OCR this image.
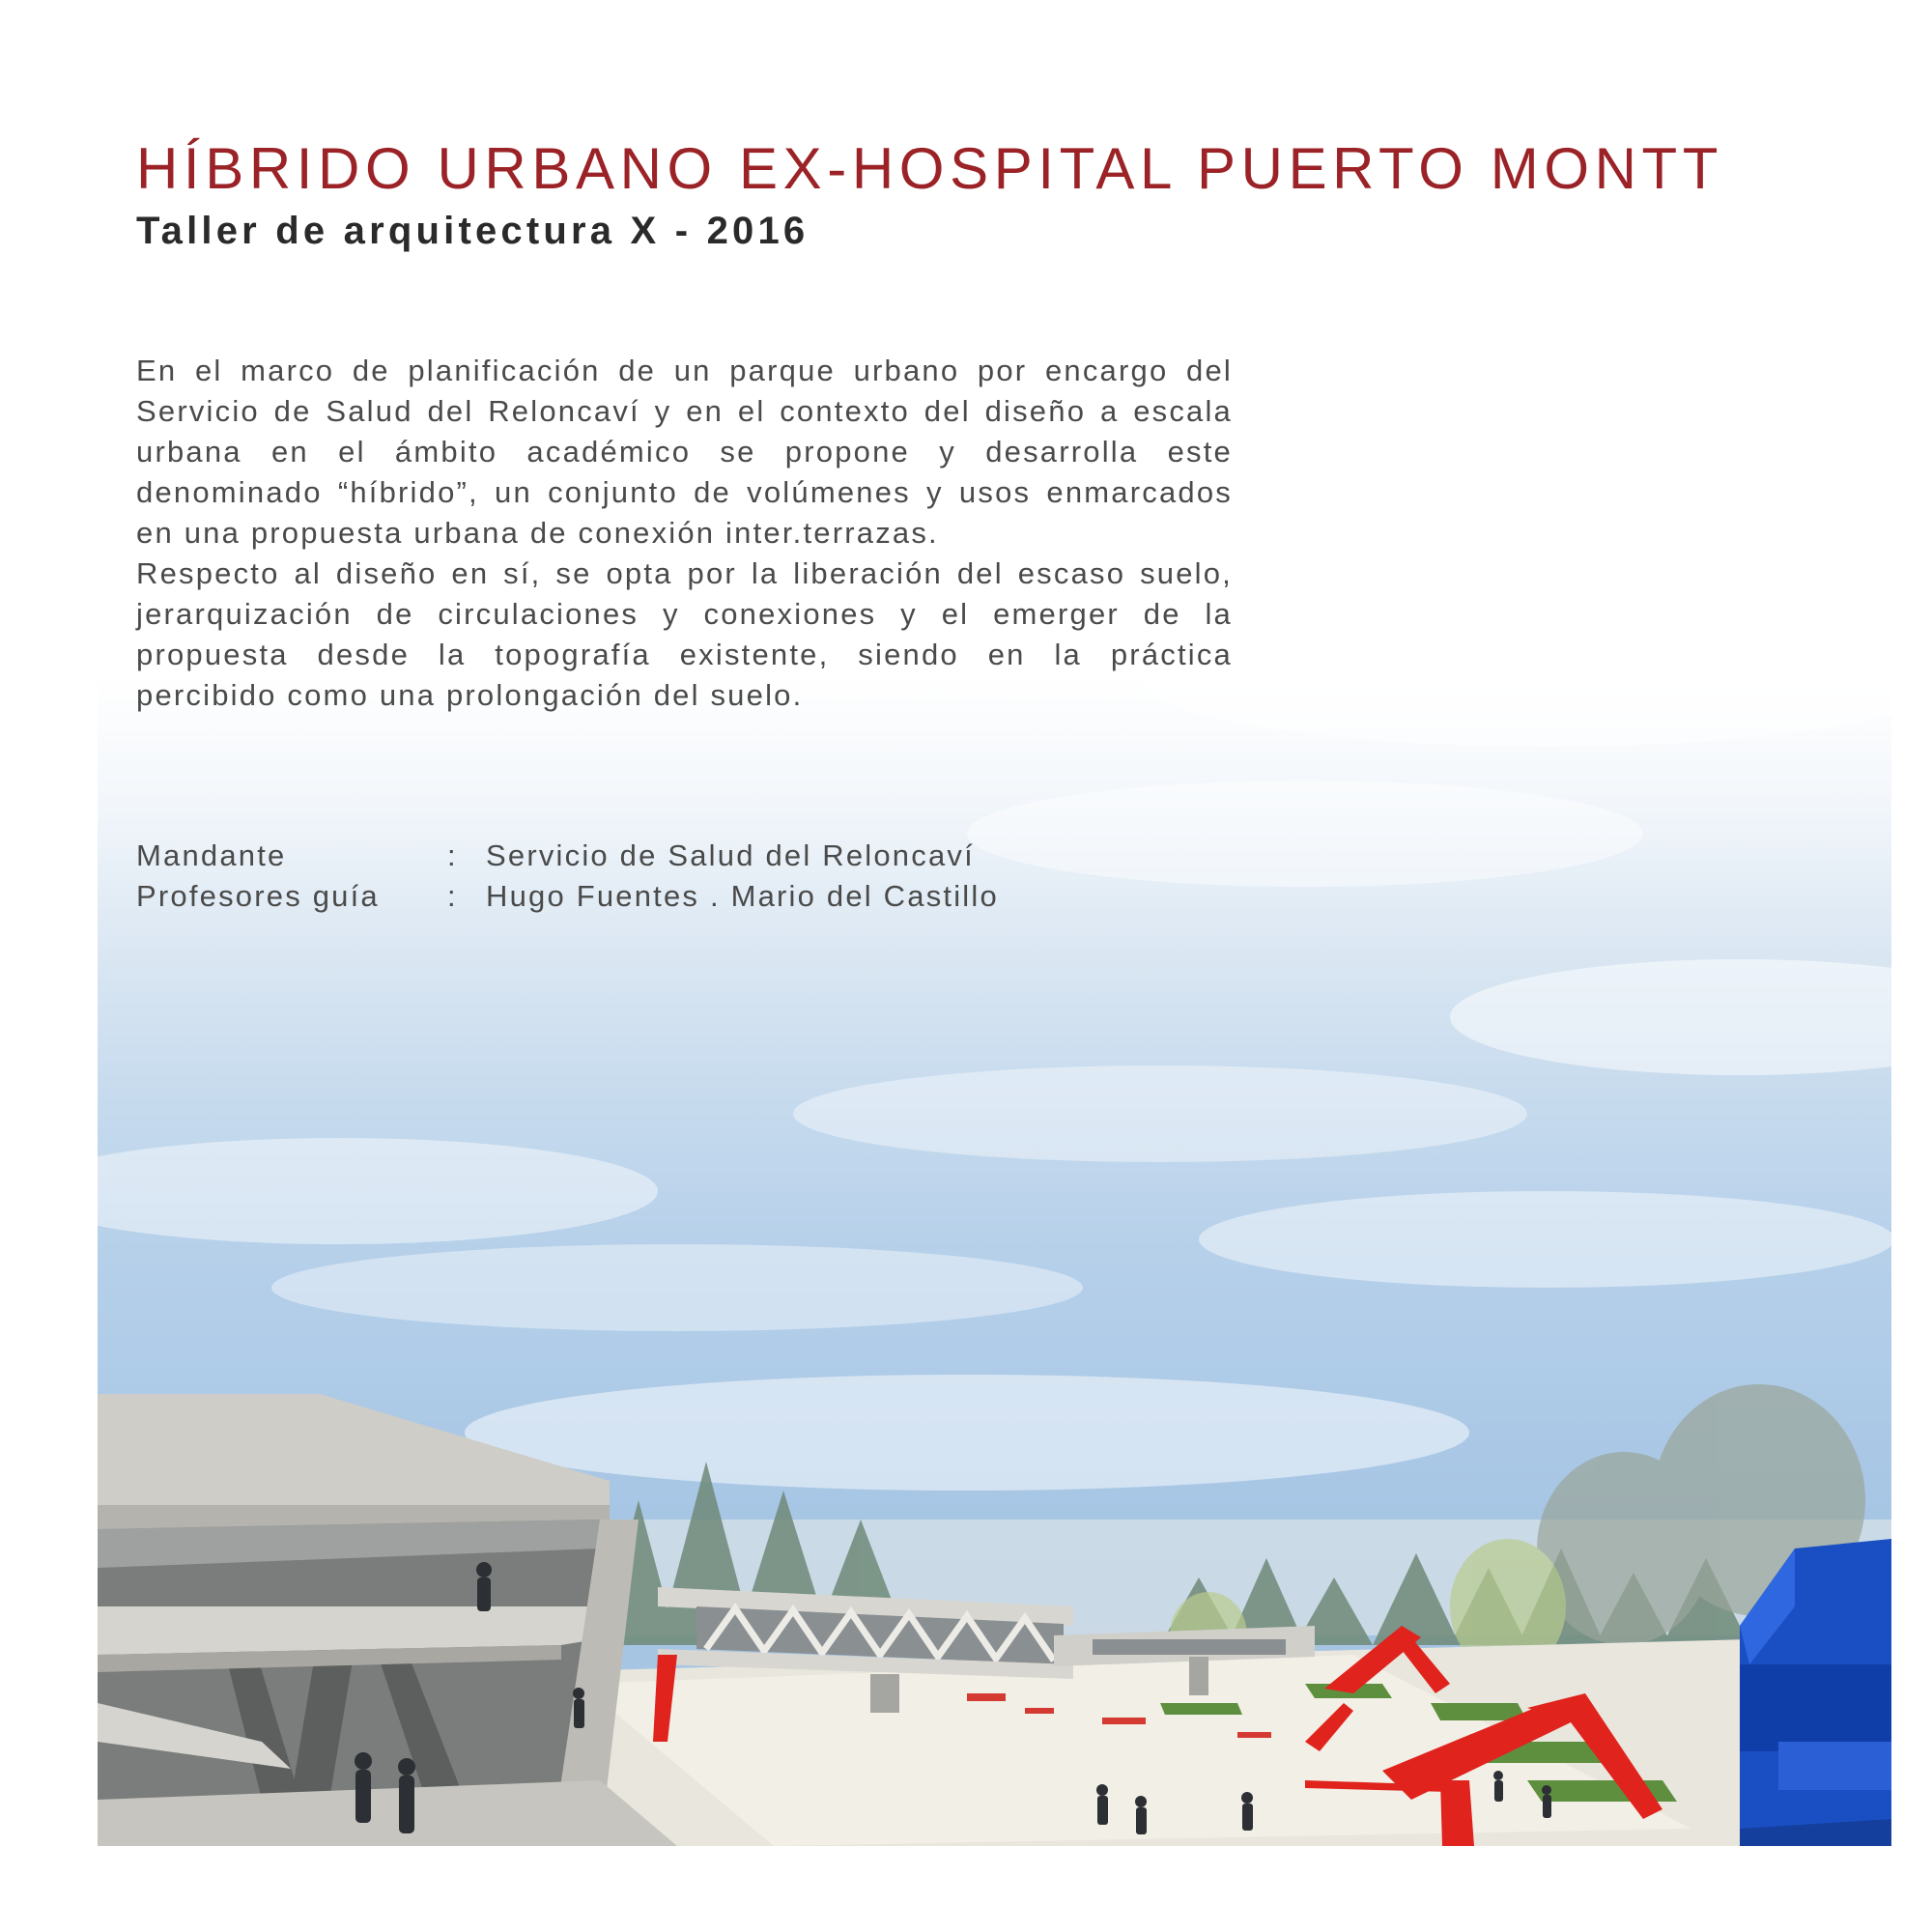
HÍBRIDO URBANO EX-HOSPITAL PUERTO MONTT
Taller de arquitectura X - 2016

En el marco de planificación de un parque urbano por encargo del Servicio de Salud del Reloncaví y en el contexto del diseño a escala urbana en el ámbito académico se propone y desarrolla este denominado “híbrido”, un conjunto de volúmenes y usos enmarcados en una propuesta urbana de conexión inter.terrazas.

Respecto al diseño en sí, se opta por la liberación del escaso suelo, jerarquización de circulaciones y conexiones y el emerger de la propuesta desde la topografía existente, siendo en la práctica percibido como una prolongación del suelo.

Mandante	: Servicio de Salud del Reloncaví
Profesores guía	: Hugo Fuentes . Mario del Castillo
